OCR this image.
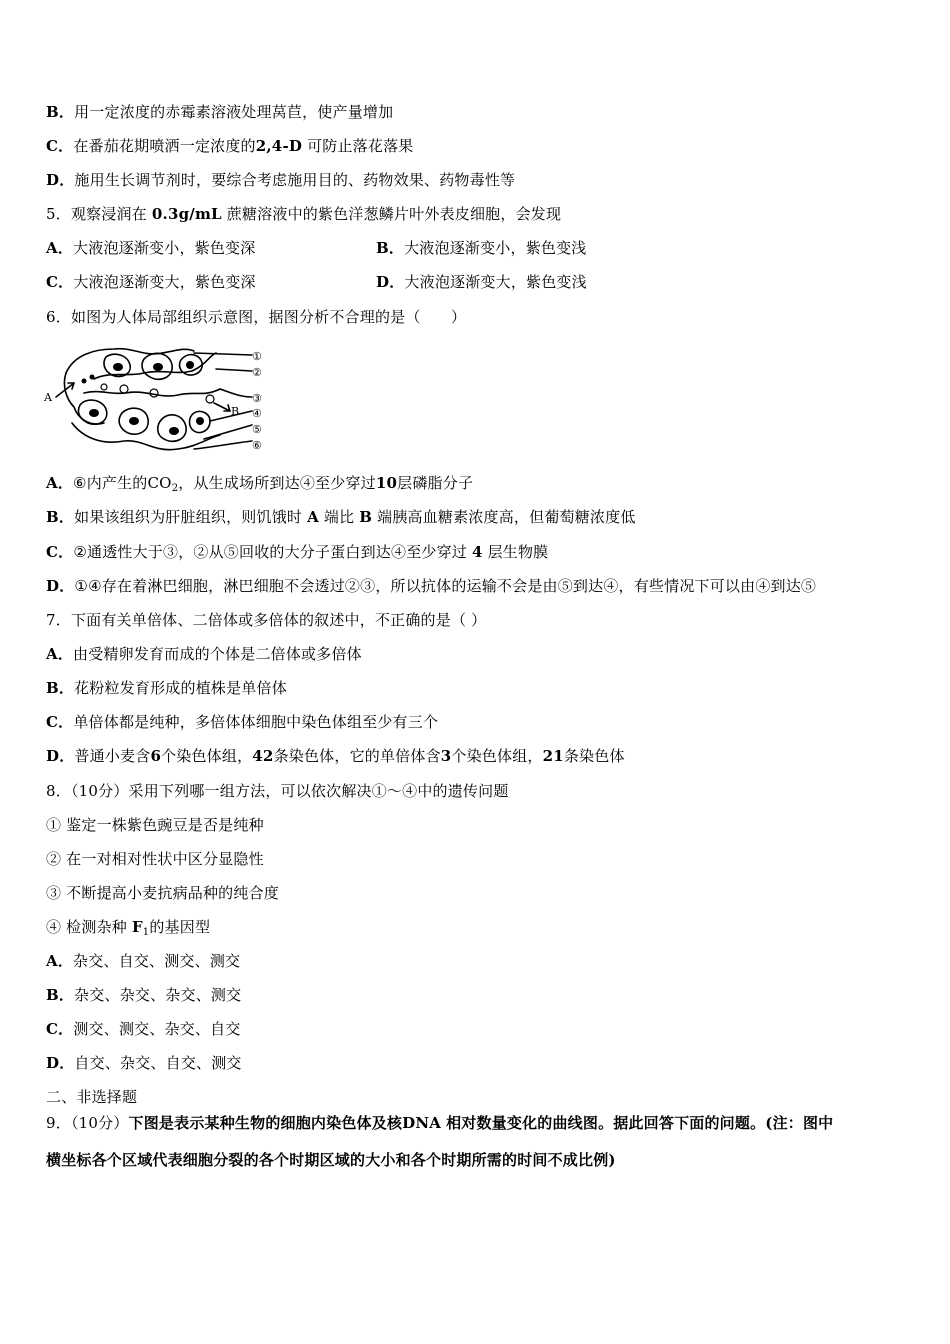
B．用一定浓度的赤霉素溶液处理莴苣，使产量增加
C．在番茄花期喷洒一定浓度的2,4-D 可防止落花落果
D．施用生长调节剂时，要综合考虑施用目的、药物效果、药物毒性等
5．观察浸润在 0.3g/mL 蔗糖溶液中的紫色洋葱鳞片叶外表皮细胞，会发现
A．大液泡逐渐变小，紫色变深	B．大液泡逐渐变小，紫色变浅
C．大液泡逐渐变大，紫色变深	D．大液泡逐渐变大，紫色变浅
6．如图为人体局部组织示意图，据图分析不合理的是（　　）
A
B
①
②
③
④
⑤
⑥
A．⑥内产生的$CO_2$，从生成场所到达④至少穿过10层磷脂分子
B．如果该组织为肝脏组织，则饥饿时 A 端比 B 端胰高血糖素浓度高，但葡萄糖浓度低
C．②通透性大于③，②从⑤回收的大分子蛋白到达④至少穿过 4 层生物膜
D．①④存在着淋巴细胞，淋巴细胞不会透过②③，所以抗体的运输不会是由⑤到达④，有些情况下可以由④到达⑤
7．下面有关单倍体、二倍体或多倍体的叙述中，不正确的是（ ）
A．由受精卵发育而成的个体是二倍体或多倍体
B．花粉粒发育形成的植株是单倍体
C．单倍体都是纯种，多倍体体细胞中染色体组至少有三个
D．普通小麦含6个染色体组，42条染色体，它的单倍体含3个染色体组，21条染色体
8．（10分）采用下列哪一组方法，可以依次解决①～④中的遗传问题
① 鉴定一株紫色豌豆是否是纯种
② 在一对相对性状中区分显隐性
③ 不断提高小麦抗病品种的纯合度
④ 检测杂种 $F_1$的基因型
A．杂交、自交、测交、测交
B．杂交、杂交、杂交、测交
C．测交、测交、杂交、自交
D．自交、杂交、自交、测交
二、非选择题
9．（10分）下图是表示某种生物的细胞内染色体及核DNA 相对数量变化的曲线图。据此回答下面的问题。(注：图中
横坐标各个区域代表细胞分裂的各个时期区域的大小和各个时期所需的时间不成比例)
